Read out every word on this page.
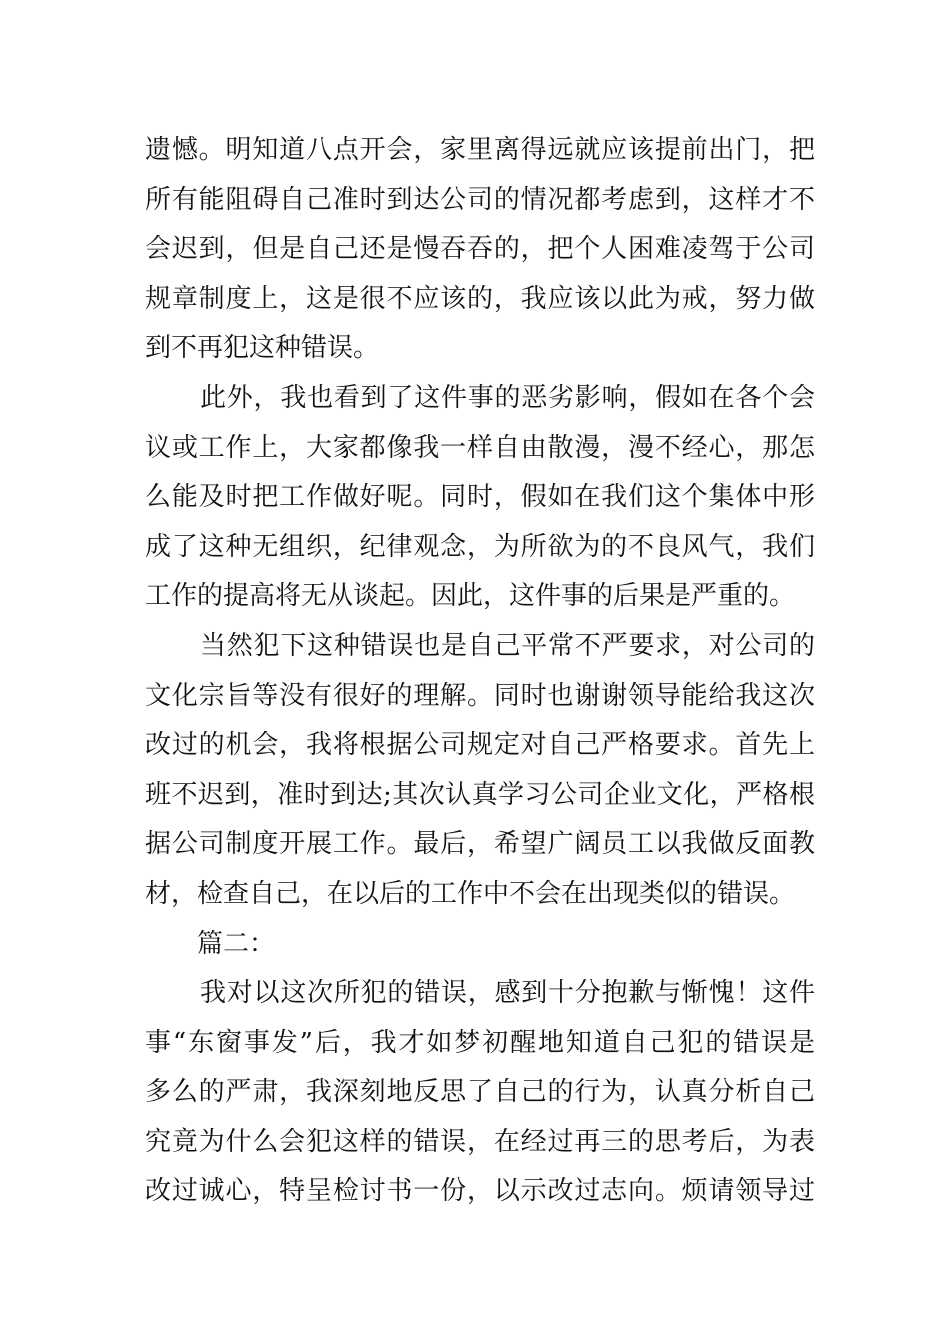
遗憾。明知道八点开会，家里离得远就应该提前出门，把
所有能阻碍自己准时到达公司的情况都考虑到，这样才不
会迟到，但是自己还是慢吞吞的，把个人困难凌驾于公司
规章制度上，这是很不应该的，我应该以此为戒，努力做
到不再犯这种错误。
此外，我也看到了这件事的恶劣影响，假如在各个会
议或工作上，大家都像我一样自由散漫，漫不经心，那怎
么能及时把工作做好呢。同时，假如在我们这个集体中形
成了这种无组织，纪律观念，为所欲为的不良风气，我们
工作的提高将无从谈起。因此，这件事的后果是严重的。
当然犯下这种错误也是自己平常不严要求，对公司的
文化宗旨等没有很好的理解。同时也谢谢领导能给我这次
改过的机会，我将根据公司规定对自己严格要求。首先上
班不迟到，准时到达;其次认真学习公司企业文化，严格根
据公司制度开展工作。最后，希望广阔员工以我做反面教
材，检查自己，在以后的工作中不会在出现类似的错误。
篇二：
我对以这次所犯的错误，感到十分抱歉与惭愧！这件
事“东窗事发”后，我才如梦初醒地知道自己犯的错误是
多么的严肃，我深刻地反思了自己的行为，认真分析自己
究竟为什么会犯这样的错误，在经过再三的思考后，为表
改过诚心，特呈检讨书一份，以示改过志向。烦请领导过
